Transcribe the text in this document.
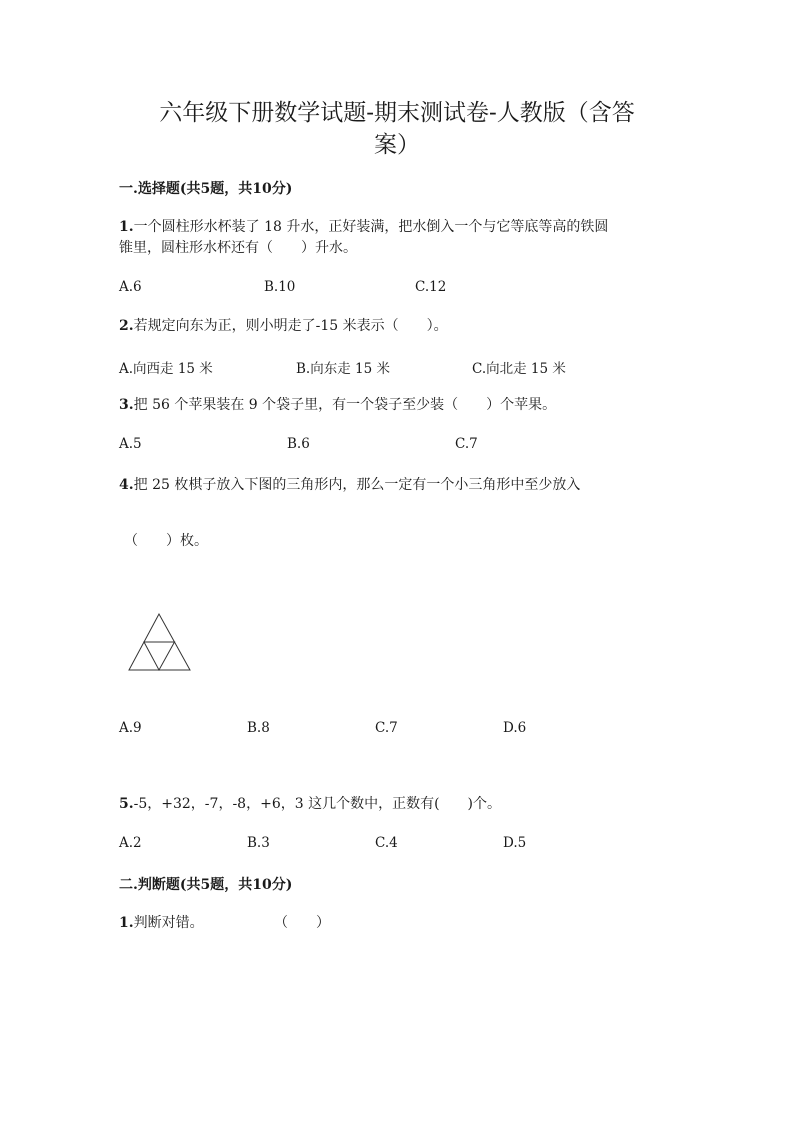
六年级下册数学试题-期末测试卷-人教版（含答
案）
一.选择题(共5题，共10分)
1.一个圆柱形水杯装了 18 升水，正好装满，把水倒入一个与它等底等高的铁圆
锥里，圆柱形水杯还有（　　）升水。
A.6	B.10	C.12
2.若规定向东为正，则小明走了-15 米表示（　　）。
A.向西走 15 米	B.向东走 15 米	C.向北走 15 米
3.把 56 个苹果装在 9 个袋子里，有一个袋子至少装（　　）个苹果。
A.5	B.6	C.7
4.把 25 枚棋子放入下图的三角形内，那么一定有一个小三角形中至少放入
（　　）枚。
A.9	B.8	C.7	D.6
5.-5，+32，-7，-8，+6，3 这几个数中，正数有(　　)个。
A.2	B.3	C.4	D.5
二.判断题(共5题，共10分)
1.判断对错。	（　　）
